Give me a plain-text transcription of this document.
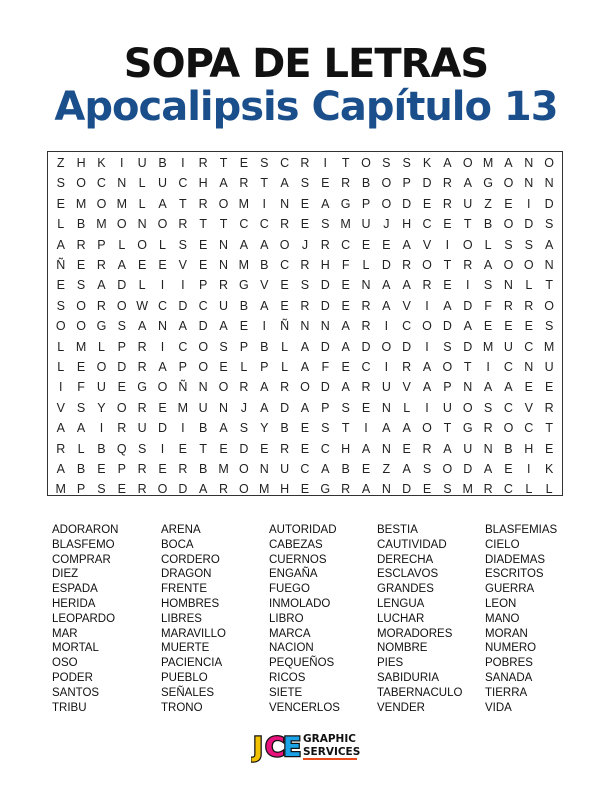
SOPA DE LETRAS
Apocalipsis Capítulo 13
Z H K	I	U B	I	R T E S C R	I	T O S S K A O M A N O
S O C N L U C H A R T A S E R B O P D R A G O N N
E M O M L A T R O M	I	N E A G P O D E R U Z E	I	D
L B M O N O R T T C C R E S M U J H C E T B O D S
A R P L O L S E N A A O J R C E E A V	I	O L S S A
Ñ E R A E E V E N M B C R H F	L D R O T R A O O N
E S A D L	I	I	P R G V E S D E N A A R E	I	S N L	T
S O R O W C D C U B A E R D E R A V	I	A D F R R O
O O G S A N A D A E	I	Ñ N N A R	I	C O D A E E E S
L M L P R	I	C O S P B L A D A D O D	I	S D M U C M
L E O D R A P O E L P L A F E C	I	R A O T	I	C N U
I	F U E G O Ñ N O R A R O D A R U V A P N A A E E
V S Y O R E M U N J	A D A P S E N L	I	U O S C V R
A A	I	R U D	I	B A S Y B E S T	I	A A O T G R O C T
R L B Q S	I	E T E D E R E C H A N E R A U N B H E
A B E P R E R B M O N U C A B E Z A S O D A E	I	K
M P S E R O D A R O M H E G R A N D E S M R C L	L
ADORARON
BLASFEMO
COMPRAR
DIEZ
ESPADA
HERIDA
LEOPARDO
MAR
MORTAL
OSO
PODER
SANTOS
TRIBU
ARENA
BOCA
CORDERO
DRAGON
FRENTE
HOMBRES
LIBRES
MARAVILLO
MUERTE
PACIENCIA
PUEBLO
SEÑALES
TRONO
AUTORIDAD
CABEZAS
CUERNOS
ENGAÑA
FUEGO
INMOLADO
LIBRO
MARCA
NACION
PEQUEÑOS
RICOS
SIETE
VENCERLOS
BESTIA
CAUTIVIDAD
DERECHA
ESCLAVOS
GRANDES
LENGUA
LUCHAR
MORADORES
NOMBRE
PIES
SABIDURIA
TABERNACULO
VENDER
BLASFEMIAS
CIELO
DIADEMAS
ESCRITOS
GUERRA
LEON
MANO
MORAN
NUMERO
POBRES
SANADA
TIERRA
VIDA
J C
E GRAPHIC
SERVICES
